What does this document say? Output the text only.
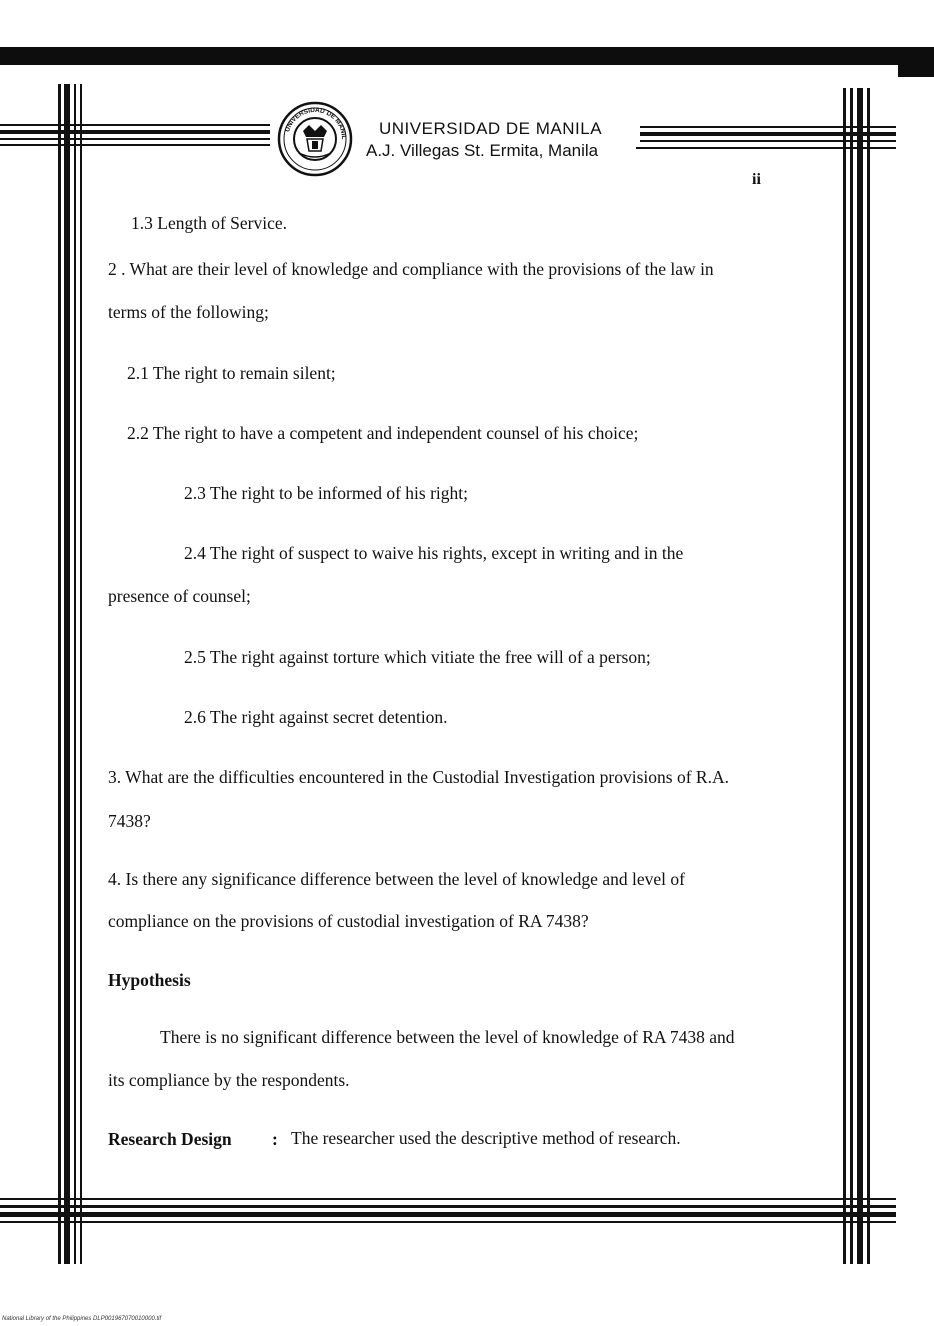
UNIVERSIDAD DE MANIL UNIVERSIDAD DE MANILA
A.J. Villegas St. Ermita, Manila
ii
1.3 Length of Service.
2 . What are their level of knowledge and compliance with the provisions of the law in
terms of the following;
2.1 The right to remain silent;
2.2 The right to have a competent and independent counsel of his choice;
2.3 The right to be informed of his right;
2.4 The right of suspect to waive his rights, except in writing and in the
presence of counsel;
2.5 The right against torture which vitiate the free will of a person;
2.6 The right against secret detention.
3. What are the difficulties encountered in the Custodial Investigation provisions of R.A.
7438?
4. Is there any significance difference between the level of knowledge and level of
compliance on the provisions of custodial investigation of RA 7438?
Hypothesis
There is no significant difference between the level of knowledge of RA 7438 and
its compliance by the respondents.
Research Design : The researcher used the descriptive method of research.
National Library of the Philippines DLP001967070010000.tif
